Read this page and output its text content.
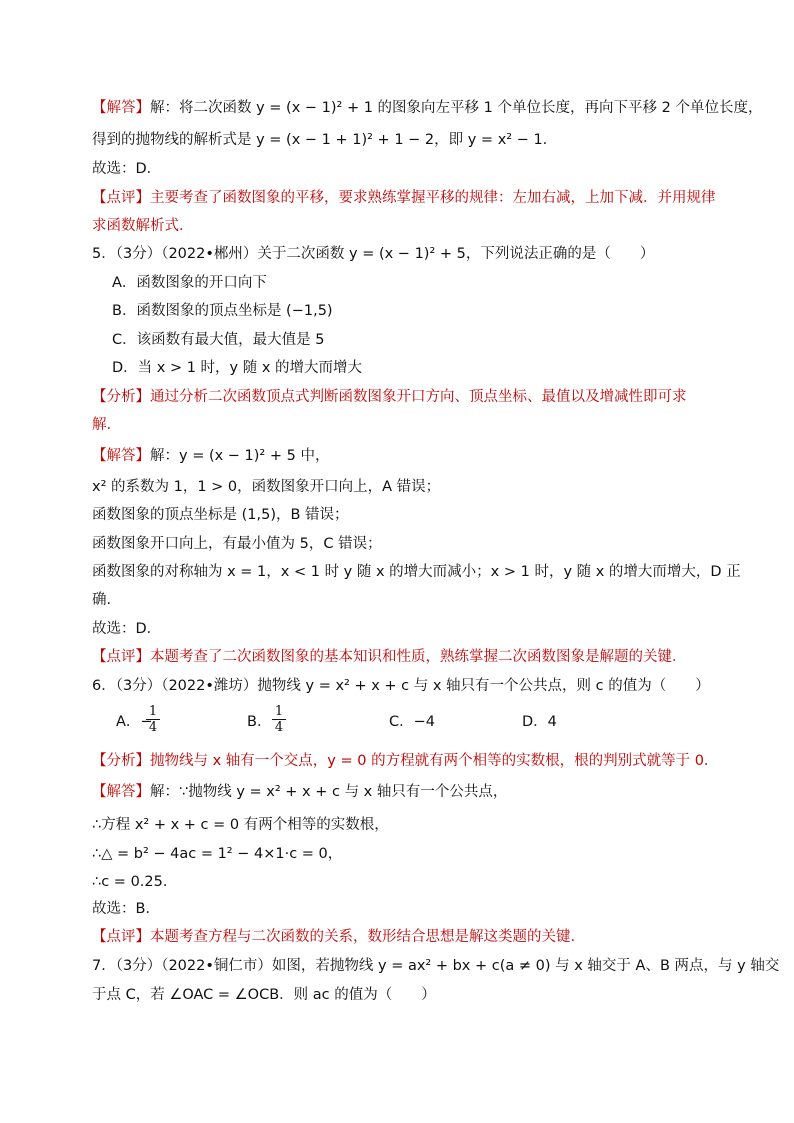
【解答】解：将二次函数 y = (x − 1)² + 1 的图象向左平移 1 个单位长度，再向下平移 2 个单位长度，
得到的抛物线的解析式是 y = (x − 1 + 1)² + 1 − 2，即 y = x² − 1．
故选：D．
【点评】主要考查了函数图象的平移，要求熟练掌握平移的规律：左加右减，上加下减．并用规律
求函数解析式．
5．（3分）（2022•郴州）关于二次函数 y = (x − 1)² + 5，下列说法正确的是（　　）
A．函数图象的开口向下
B．函数图象的顶点坐标是 (−1,5)
C．该函数有最大值，最大值是 5
D．当 x > 1 时，y 随 x 的增大而增大
【分析】通过分析二次函数顶点式判断函数图象开口方向、顶点坐标、最值以及增减性即可求
解．
【解答】解：y = (x − 1)² + 5 中，
x² 的系数为 1，1 > 0，函数图象开口向上，A 错误；
函数图象的顶点坐标是 (1,5)，B 错误；
函数图象开口向上，有最小值为 5，C 错误；
函数图象的对称轴为 x = 1，x < 1 时 y 随 x 的增大而减小；x > 1 时，y 随 x 的增大而增大，D 正
确．
故选：D．
【点评】本题考查了二次函数图象的基本知识和性质，熟练掌握二次函数图象是解题的关键．
6．（3分）（2022•潍坊）抛物线 y = x² + x + c 与 x 轴只有一个公共点，则 c 的值为（　　）
A．−
$\frac{1}{4}$	B． $\frac{1}{4}$	C．−4	D．4
【分析】抛物线与 x 轴有一个交点，y = 0 的方程就有两个相等的实数根，根的判别式就等于 0．
【解答】解：∵抛物线 y = x² + x + c 与 x 轴只有一个公共点，
∴方程 x² + x + c = 0 有两个相等的实数根，
∴△ = b² − 4ac = 1² − 4×1·c = 0，
∴c = 0.25．
故选：B．
【点评】本题考查方程与二次函数的关系，数形结合思想是解这类题的关键．
7．（3分）（2022•铜仁市）如图，若抛物线 y = ax² + bx + c(a ≠ 0) 与 x 轴交于 A、B 两点，与 y 轴交
于点 C，若 ∠OAC = ∠OCB．则 ac 的值为（　　）
